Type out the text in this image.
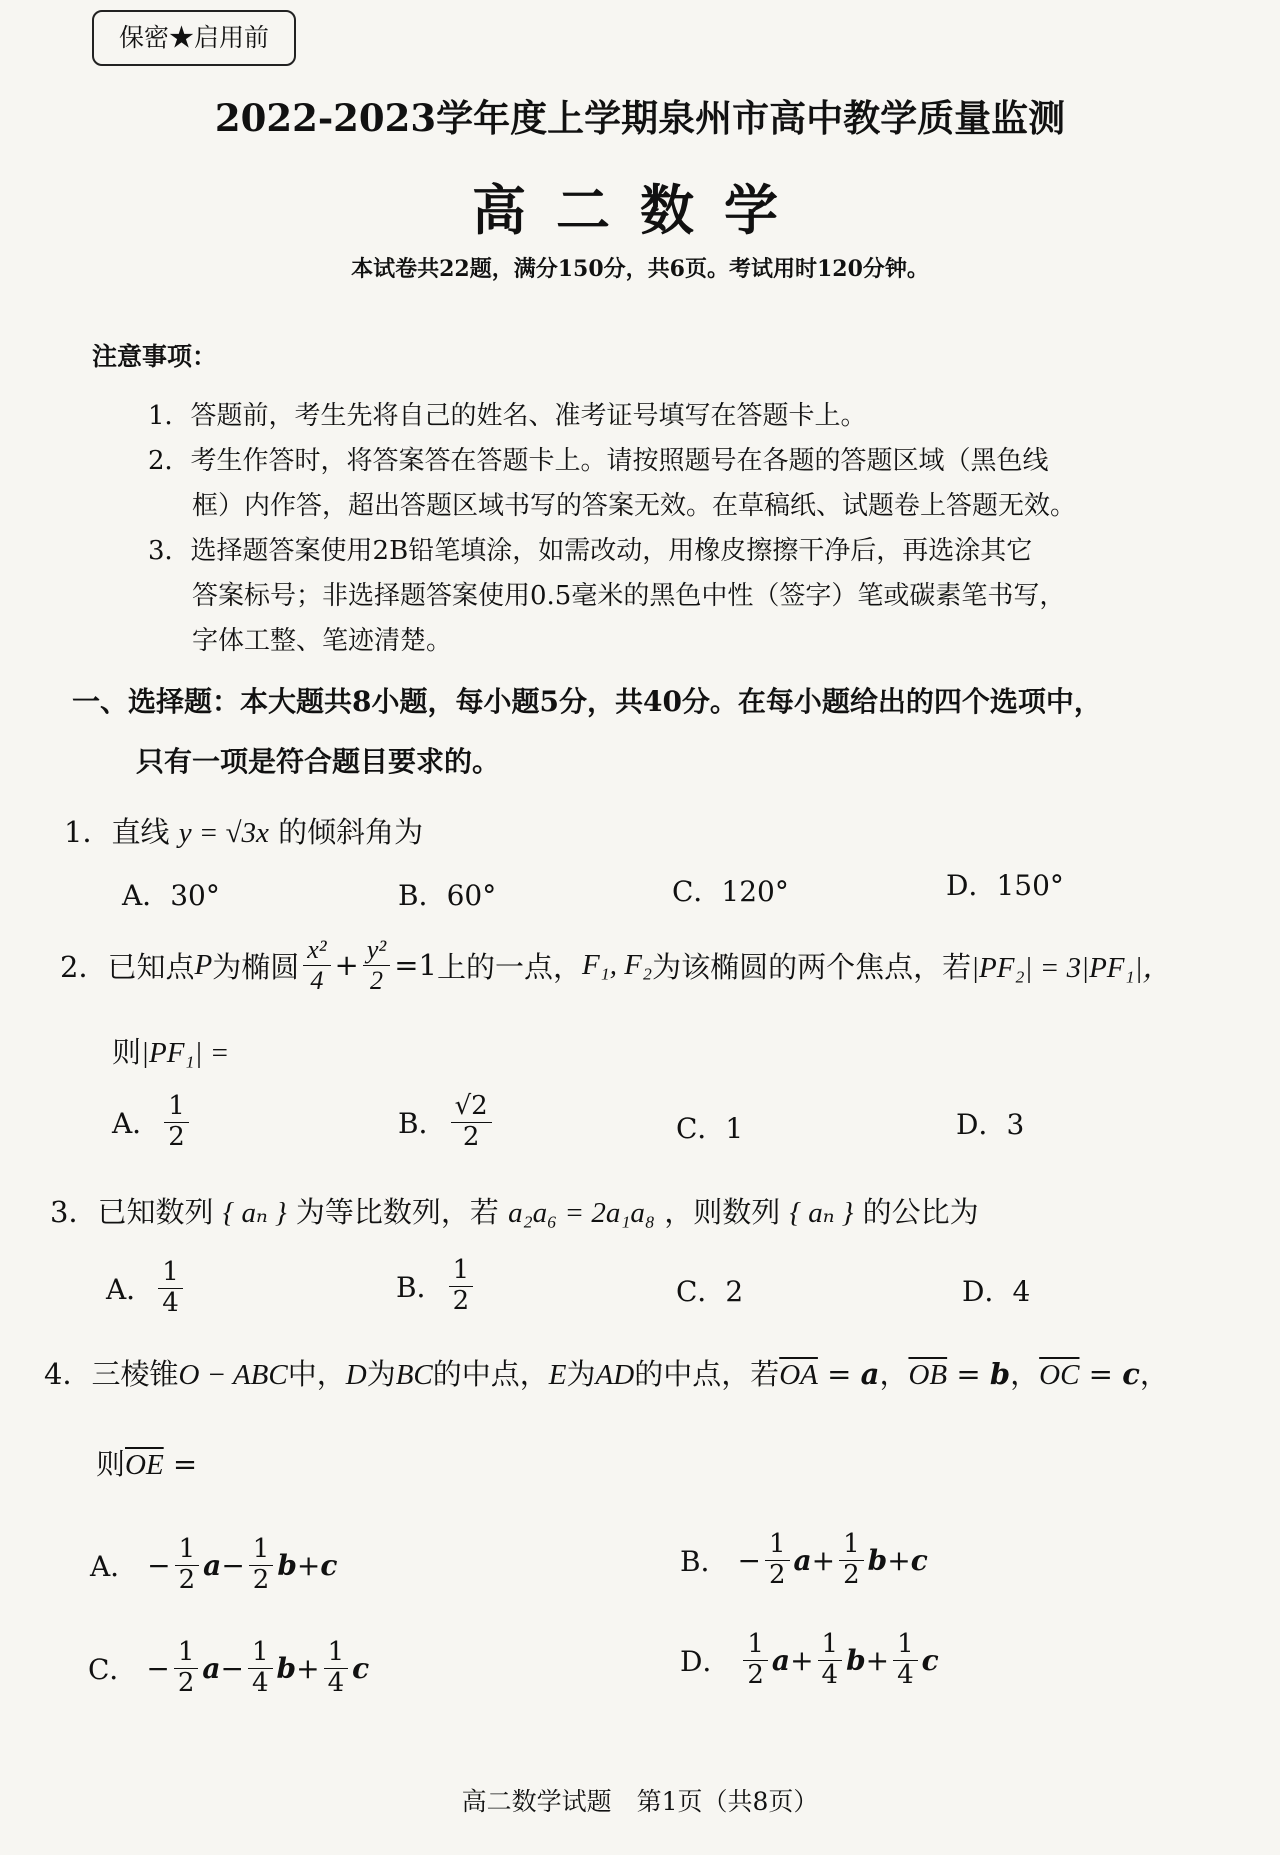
保密★启用前
2022-2023学年度上学期泉州市高中教学质量监测
高二数学
本试卷共22题，满分150分，共6页。考试用时120分钟。
注意事项：
1．答题前，考生先将自己的姓名、准考证号填写在答题卡上。
2．考生作答时，将答案答在答题卡上。请按照题号在各题的答题区域（黑色线
框）内作答，超出答题区域书写的答案无效。在草稿纸、试题卷上答题无效。
3．选择题答案使用2B铅笔填涂，如需改动，用橡皮擦擦干净后，再选涂其它
答案标号；非选择题答案使用0.5毫米的黑色中性（签字）笔或碳素笔书写，
字体工整、笔迹清楚。
一、选择题：本大题共8小题，每小题5分，共40分。在每小题给出的四个选项中，
只有一项是符合题目要求的。
1．直线 y = √3x 的倾斜角为
A．30°	B．60°	C．120°	D．150°
2． 已知点 P 为椭圆 $\frac{\text{x²}}{4} + \frac{\text{y²}}{2} =1$ 上的一点， F₁, F₂ 为该椭圆的两个焦点，若 |PF₂| = 3|PF₁|，
则|PF₁| =
A． $\frac{1}{2}$	B． $\frac{√2}{2}$	C．1	D．3
3．已知数列 { aₙ } 为等比数列，若 a₂a₆ = 2a₁a₈ ，则数列 { aₙ } 的公比为
A． $\frac{1}{4}$	B． $\frac{1}{2}$	C．2	D．4
4．三棱锥O − ABC中，D为BC的中点，E为AD的中点，若$\overline{OA} = a$，$\overline{OB} = b$，$\overline{OC} = c$，
则$\overline{OE}$ =
A．
− $\frac{1}{2}$ $a - \frac{1}{2}$ b + c	B．
− $\frac{1}{2}$ $a + \frac{1}{2}$ b + c
C．
− $\frac{1}{2}$ $a - \frac{1}{4}$ $b + \frac{1}{4}$ c	D．
$\frac{1}{2}$ $a + \frac{1}{4}$ $b + \frac{1}{4}$ c
高二数学试题　第1页（共8页）
